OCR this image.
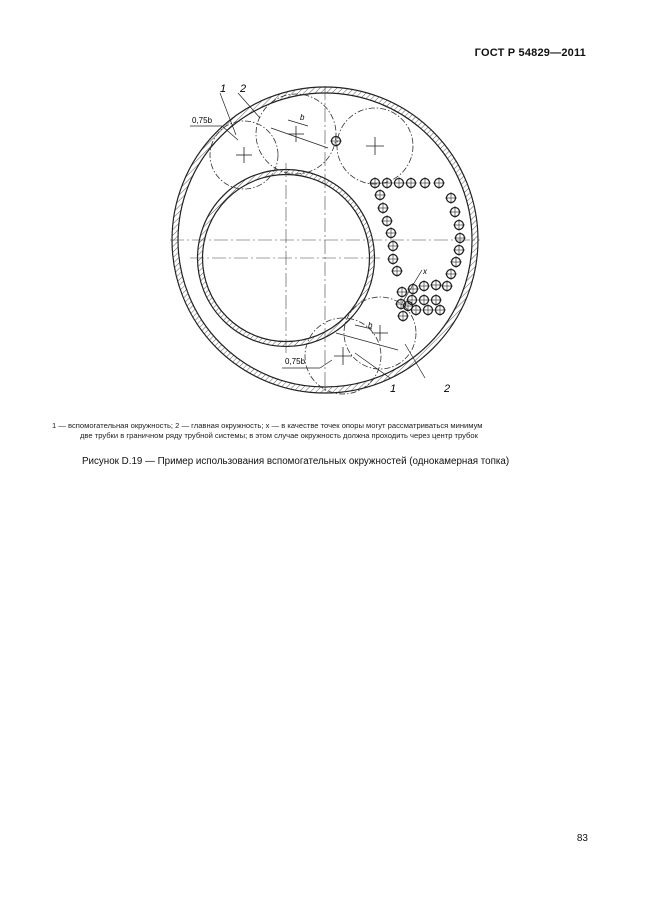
ГОСТ Р 54829—2011
1 2
0,75b	b
0,75b
b
1	2
x
1 — вспомогательная окружность; 2 — главная окружность; x — в качестве точек опоры могут рассматриваться минимум
две трубки в граничном ряду трубной системы; в этом случае окружность должна проходить через центр трубок
Рисунок D.19 — Пример использования вспомогательных окружностей (однокамерная топка)
83
